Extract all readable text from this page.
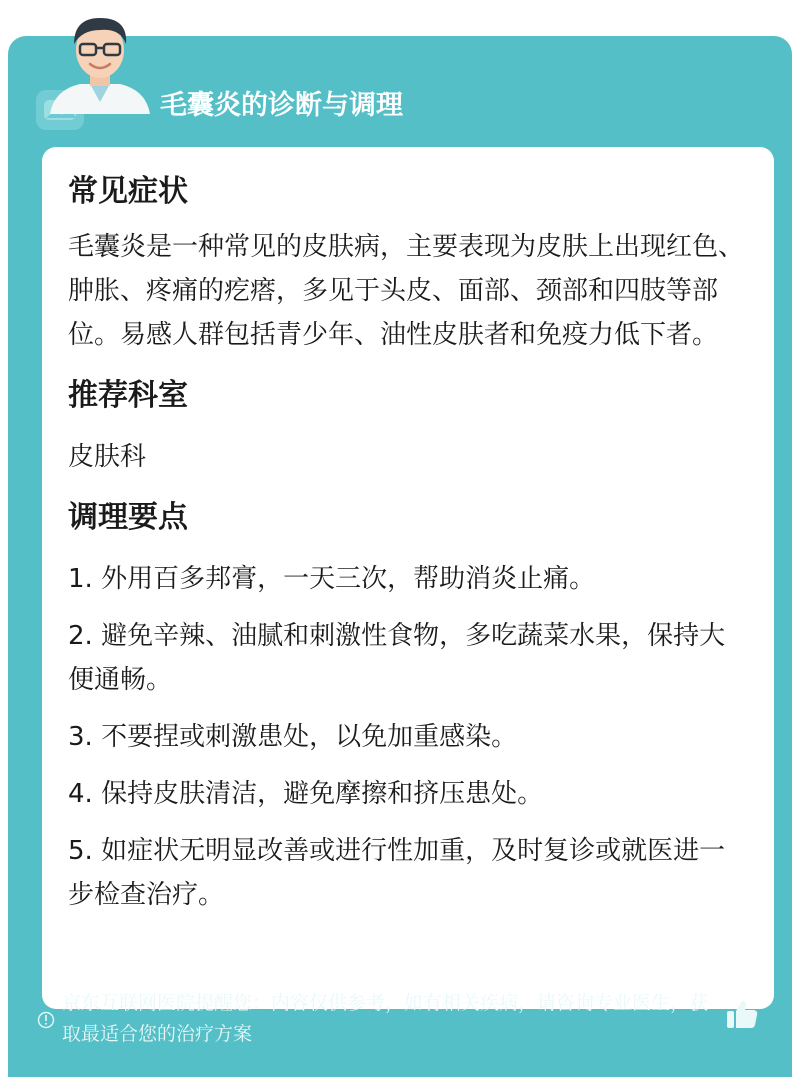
毛囊炎的诊断与调理
常见症状

毛囊炎是一种常见的皮肤病，主要表现为皮肤上出现红色、肿胀、疼痛的疙瘩，多见于头皮、面部、颈部和四肢等部位。易感人群包括青少年、油性皮肤者和免疫力低下者。

推荐科室

皮肤科

调理要点
1. 外用百多邦膏，一天三次，帮助消炎止痛。
2. 避免辛辣、油腻和刺激性食物，多吃蔬菜水果，保持大便通畅。
3. 不要捏或刺激患处，以免加重感染。
4. 保持皮肤清洁，避免摩擦和挤压患处。
5. 如症状无明显改善或进行性加重，及时复诊或就医进一步检查治疗。
京东互联网医院提醒您：内容仅供参考，如有相关疾病，请咨询专业医生，获取最适合您的治疗方案
